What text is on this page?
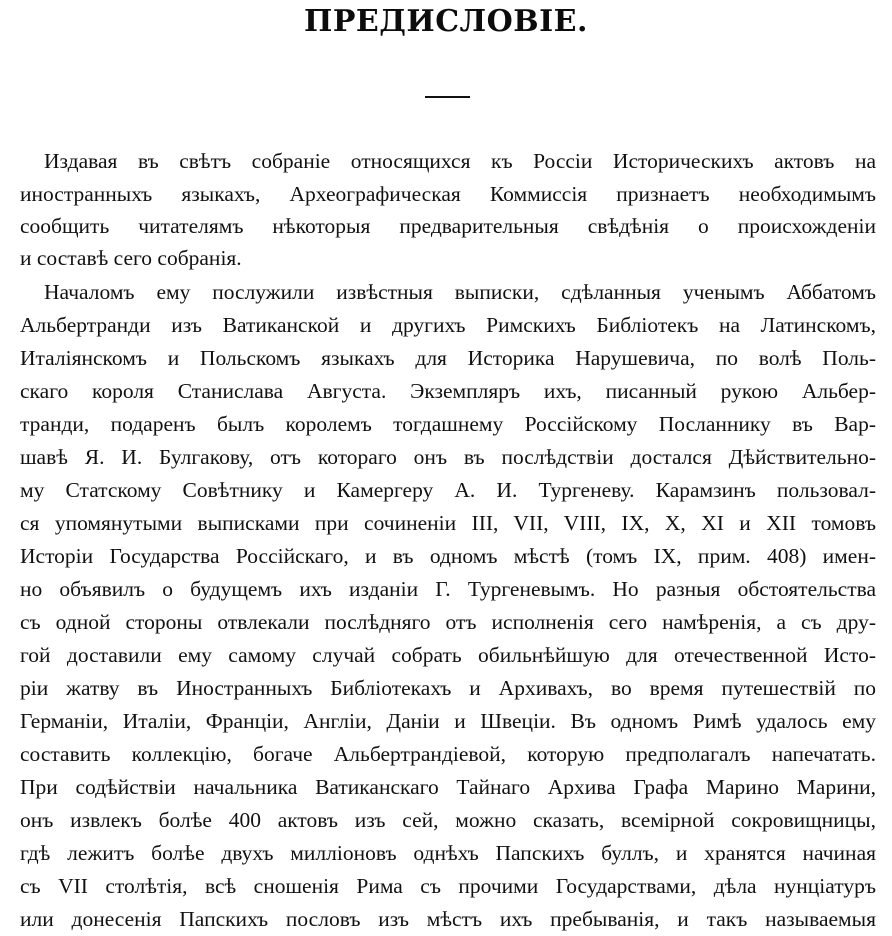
ПРЕДИСЛОВІЕ.
Издавая въ свѣтъ собраніе относящихся къ Россіи Историческихъ актовъ на
иностранныхъ языкахъ, Археографическая Коммиссія признаетъ необходимымъ
сообщить читателямъ нѣкоторыя предварительныя свѣдѣнія о происхожденіи
и составѣ сего собранія.
Началомъ ему послужили извѣстныя выписки, сдѣланныя ученымъ Аббатомъ
Альбертранди изъ Ватиканской и другихъ Римскихъ Библіотекъ на Латинскомъ,
Италіянскомъ и Польскомъ языкахъ для Историка Нарушевича, по волѣ Поль-
скаго короля Станислава Августа. Экземпляръ ихъ, писанный рукою Альбер-
транди, подаренъ былъ королемъ тогдашнему Россійскому Посланнику въ Вар-
шавѣ Я. И. Булгакову, отъ котораго онъ въ послѣдствіи достался Дѣйствительно-
му Статскому Совѣтнику и Камергеру А. И. Тургеневу. Карамзинъ пользовал-
ся упомянутыми выписками при сочиненіи III, VII, VIII, IX, X, XI и XII томовъ
Исторіи Государства Россійскаго, и въ одномъ мѣстѣ (томъ IX, прим. 408) имен-
но объявилъ о будущемъ ихъ изданіи Г. Тургеневымъ. Но разныя обстоятельства
съ одной стороны отвлекали послѣдняго отъ исполненія сего намѣренія, а съ дру-
гой доставили ему самому случай собрать обильнѣйшую для отечественной Исто-
ріи жатву въ Иностранныхъ Библіотекахъ и Архивахъ, во время путешествій по
Германіи, Италіи, Франціи, Англіи, Даніи и Швеціи. Въ одномъ Римѣ удалось ему
составить коллекцію, богаче Альбертрандіевой, которую предполагалъ напечатать.
При содѣйствіи начальника Ватиканскаго Тайнаго Архива Графа Марино Марини,
онъ извлекъ болѣе 400 актовъ изъ сей, можно сказать, всемірной сокровищницы,
гдѣ лежитъ болѣе двухъ милліоновъ однѣхъ Папскихъ буллъ, и хранятся начиная
съ VII столѣтія, всѣ сношенія Рима съ прочими Государствами, дѣла нунціатуръ
или донесенія Папскихъ пословъ изъ мѣстъ ихъ пребыванія, и такъ называемыя
